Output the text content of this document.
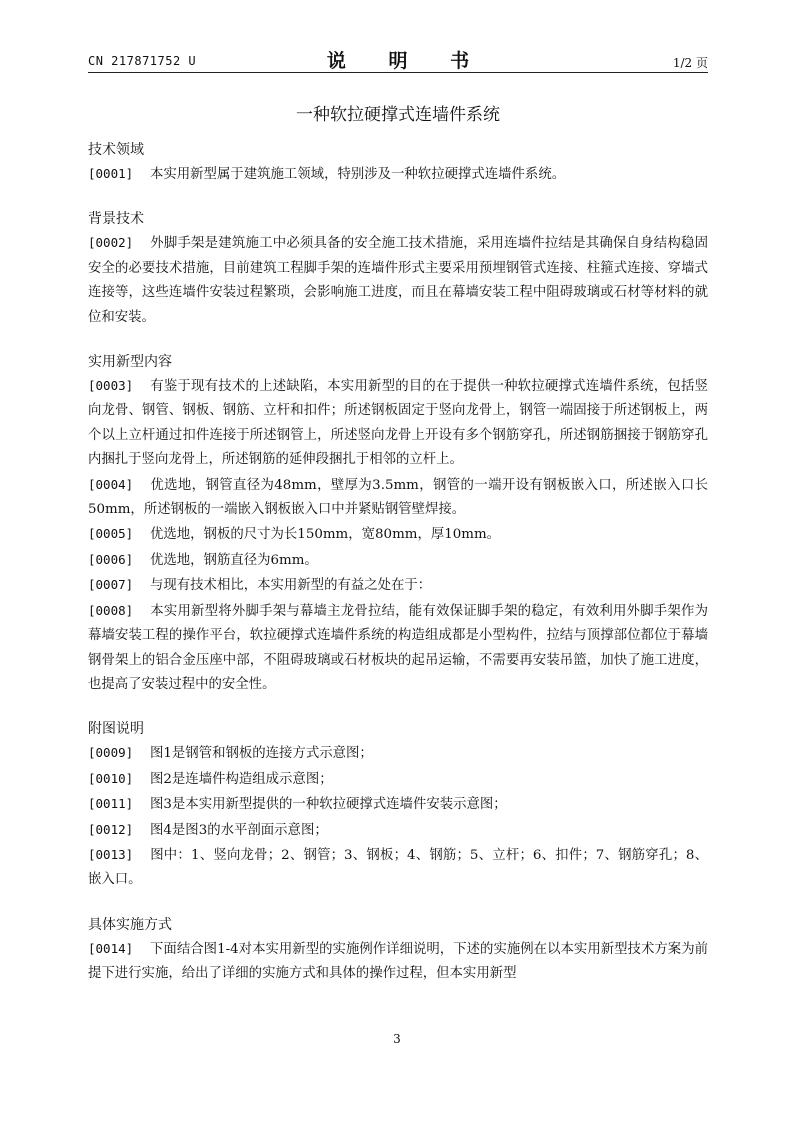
CN 217871752 U	说 明 书	1/2 页
一种软拉硬撑式连墙件系统
技术领域

[0001] 本实用新型属于建筑施工领域，特别涉及一种软拉硬撑式连墙件系统。

背景技术

[0002] 外脚手架是建筑施工中必须具备的安全施工技术措施，采用连墙件拉结是其确保自身结构稳固安全的必要技术措施，目前建筑工程脚手架的连墙件形式主要采用预埋钢管式连接、柱箍式连接、穿墙式连接等，这些连墙件安装过程繁琐，会影响施工进度，而且在幕墙安装工程中阻碍玻璃或石材等材料的就位和安装。

实用新型内容

[0003] 有鉴于现有技术的上述缺陷，本实用新型的目的在于提供一种软拉硬撑式连墙件系统，包括竖向龙骨、钢管、钢板、钢筋、立杆和扣件；所述钢板固定于竖向龙骨上，钢管一端固接于所述钢板上，两个以上立杆通过扣件连接于所述钢管上，所述竖向龙骨上开设有多个钢筋穿孔，所述钢筋捆接于钢筋穿孔内捆扎于竖向龙骨上，所述钢筋的延伸段捆扎于相邻的立杆上。

[0004] 优选地，钢管直径为48mm，壁厚为3.5mm，钢管的一端开设有钢板嵌入口，所述嵌入口长50mm，所述钢板的一端嵌入钢板嵌入口中并紧贴钢管壁焊接。

[0005] 优选地，钢板的尺寸为长150mm，宽80mm，厚10mm。

[0006] 优选地，钢筋直径为6mm。

[0007] 与现有技术相比，本实用新型的有益之处在于：

[0008] 本实用新型将外脚手架与幕墙主龙骨拉结，能有效保证脚手架的稳定，有效利用外脚手架作为幕墙安装工程的操作平台，软拉硬撑式连墙件系统的构造组成都是小型构件，拉结与顶撑部位都位于幕墙钢骨架上的铝合金压座中部，不阻碍玻璃或石材板块的起吊运输，不需要再安装吊篮，加快了施工进度，也提高了安装过程中的安全性。

附图说明

[0009] 图1是钢管和钢板的连接方式示意图；

[0010] 图2是连墙件构造组成示意图；

[0011] 图3是本实用新型提供的一种软拉硬撑式连墙件安装示意图；

[0012] 图4是图3的水平剖面示意图；

[0013] 图中：1、竖向龙骨；2、钢管；3、钢板；4、钢筋；5、立杆；6、扣件；7、钢筋穿孔；8、嵌入口。

具体实施方式

[0014] 下面结合图1-4对本实用新型的实施例作详细说明，下述的实施例在以本实用新型技术方案为前提下进行实施，给出了详细的实施方式和具体的操作过程，但本实用新型

3
